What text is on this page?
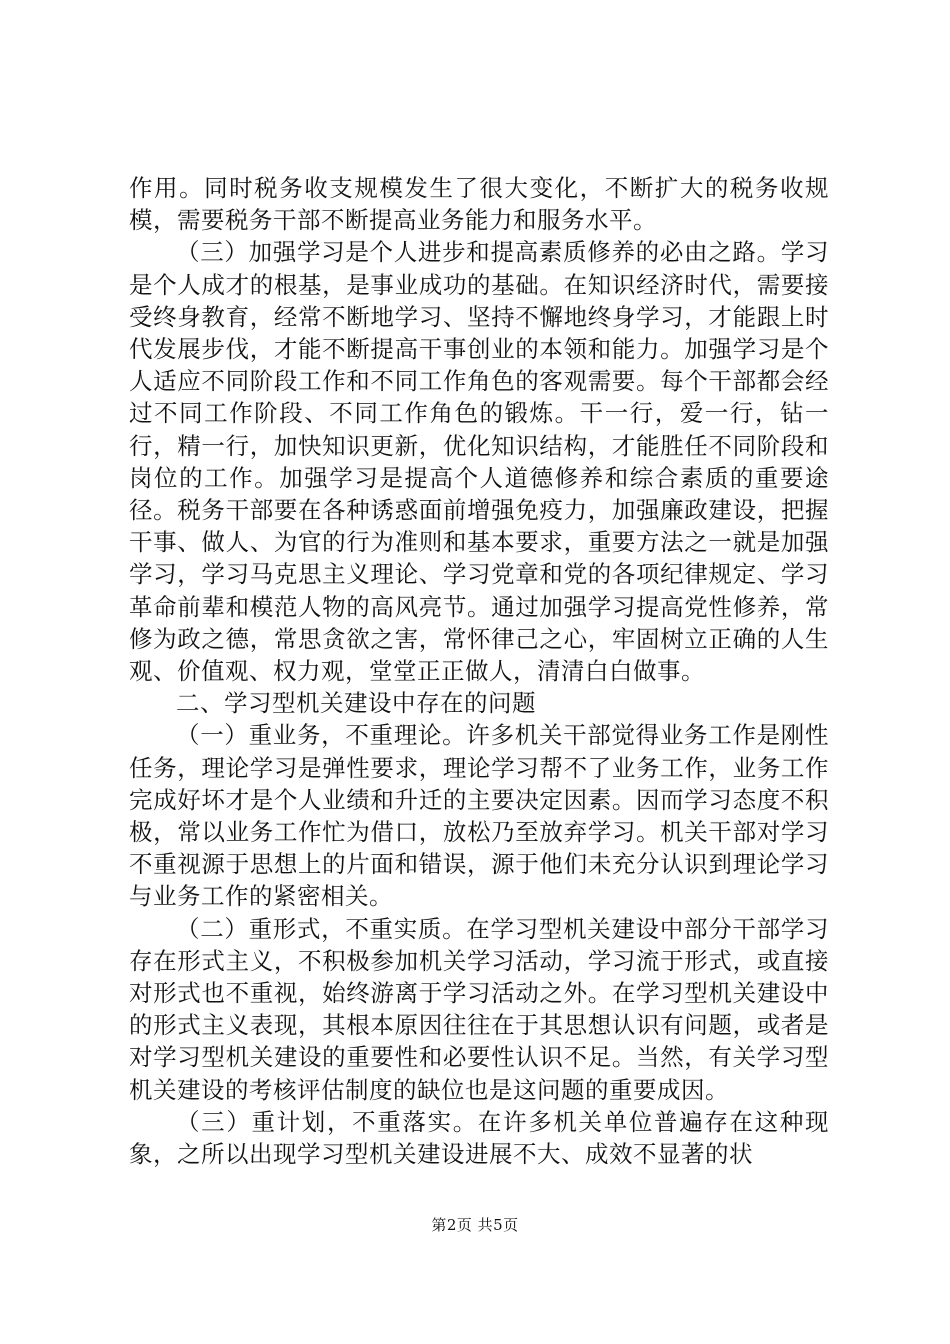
作用。同时税务收支规模发生了很大变化，不断扩大的税务收规模，需要税务干部不断提高业务能力和服务水平。

（三）加强学习是个人进步和提高素质修养的必由之路。学习是个人成才的根基，是事业成功的基础。在知识经济时代，需要接受终身教育，经常不断地学习、坚持不懈地终身学习，才能跟上时代发展步伐，才能不断提高干事创业的本领和能力。加强学习是个人适应不同阶段工作和不同工作角色的客观需要。每个干部都会经过不同工作阶段、不同工作角色的锻炼。干一行，爱一行，钻一行，精一行，加快知识更新，优化知识结构，才能胜任不同阶段和岗位的工作。加强学习是提高个人道德修养和综合素质的重要途径。税务干部要在各种诱惑面前增强免疫力，加强廉政建设，把握干事、做人、为官的行为准则和基本要求，重要方法之一就是加强学习，学习马克思主义理论、学习党章和党的各项纪律规定、学习革命前辈和模范人物的高风亮节。通过加强学习提高党性修养，常修为政之德，常思贪欲之害，常怀律己之心，牢固树立正确的人生观、价值观、权力观，堂堂正正做人，清清白白做事。

二、学习型机关建设中存在的问题

（一）重业务，不重理论。许多机关干部觉得业务工作是刚性任务，理论学习是弹性要求，理论学习帮不了业务工作，业务工作完成好坏才是个人业绩和升迁的主要决定因素。因而学习态度不积极，常以业务工作忙为借口，放松乃至放弃学习。机关干部对学习不重视源于思想上的片面和错误，源于他们未充分认识到理论学习与业务工作的紧密相关。

（二）重形式，不重实质。在学习型机关建设中部分干部学习存在形式主义，不积极参加机关学习活动，学习流于形式，或直接对形式也不重视，始终游离于学习活动之外。在学习型机关建设中的形式主义表现，其根本原因往往在于其思想认识有问题，或者是对学习型机关建设的重要性和必要性认识不足。当然，有关学习型机关建设的考核评估制度的缺位也是这问题的重要成因。

（三）重计划，不重落实。在许多机关单位普遍存在这种现象，之所以出现学习型机关建设进展不大、成效不显著的状

第2页 共5页
